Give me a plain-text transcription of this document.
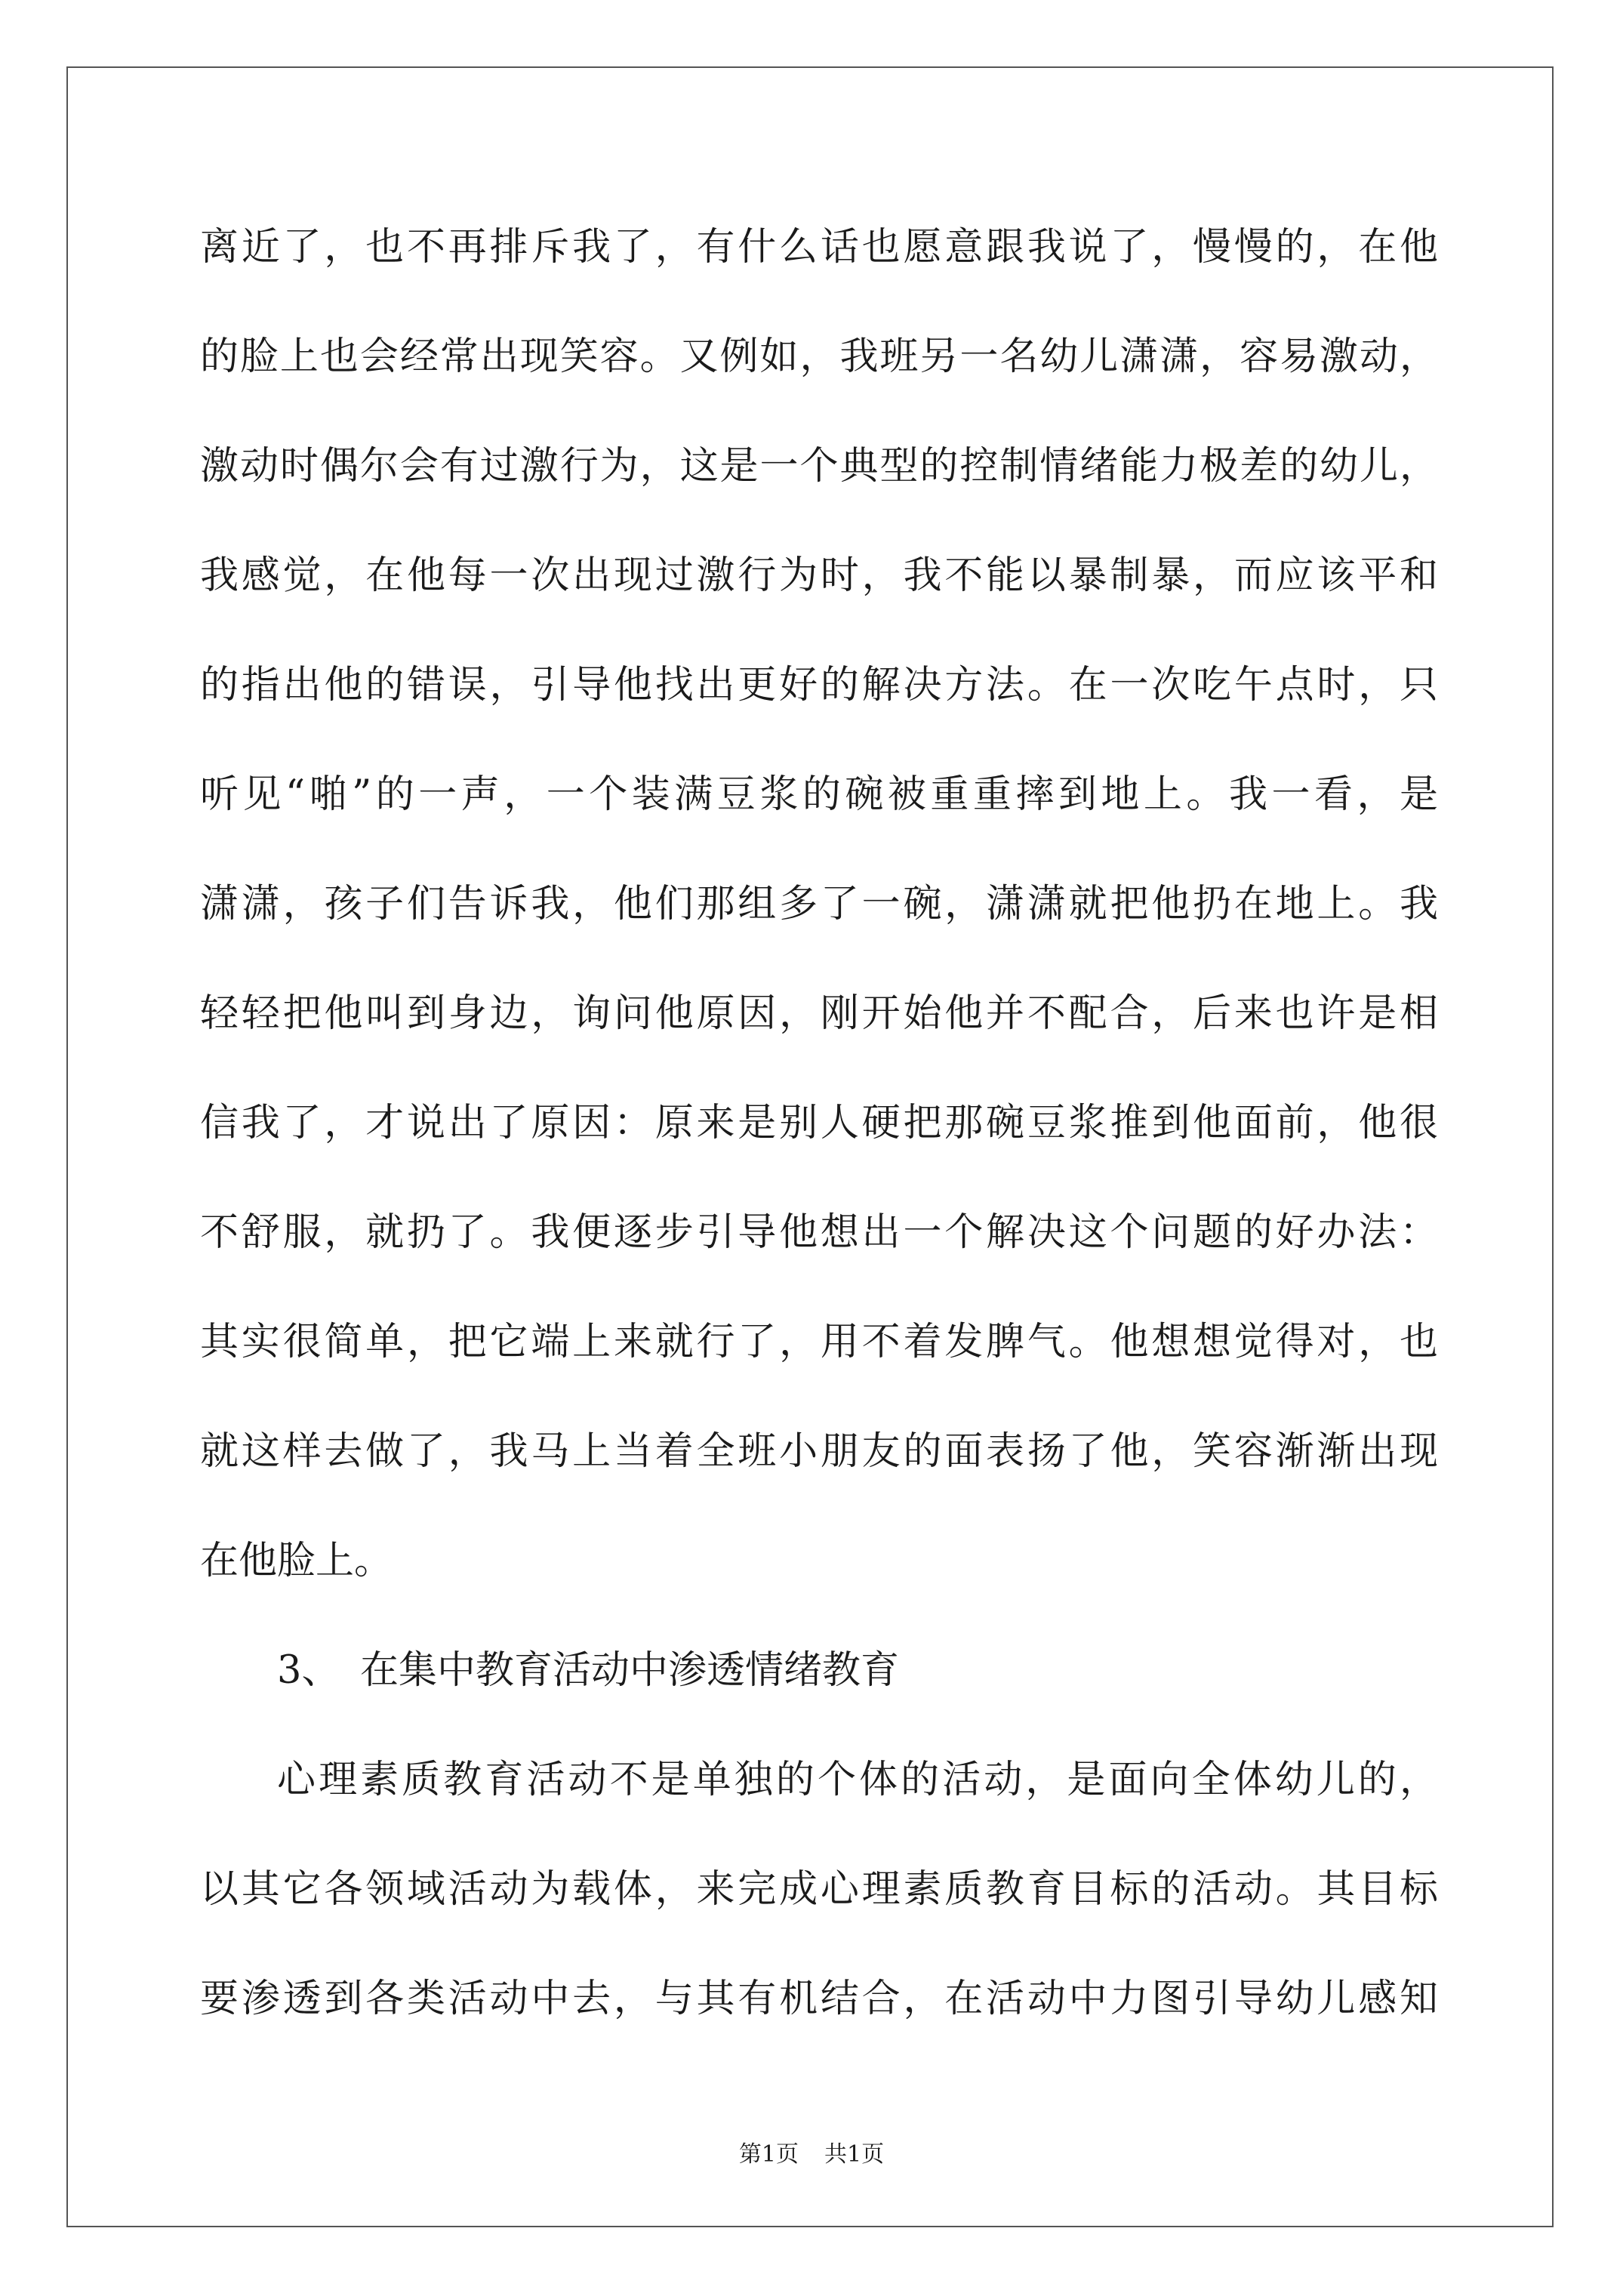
离近了，也不再排斥我了，有什么话也愿意跟我说了，慢慢的，在他
的脸上也会经常出现笑容。又例如，我班另一名幼儿潇潇，容易激动，
激动时偶尔会有过激行为，这是一个典型的控制情绪能力极差的幼儿，
我感觉，在他每一次出现过激行为时，我不能以暴制暴，而应该平和
的指出他的错误，引导他找出更好的解决方法。在一次吃午点时，只
听见“啪”的一声，一个装满豆浆的碗被重重摔到地上。我一看，是
潇潇，孩子们告诉我，他们那组多了一碗，潇潇就把他扔在地上。我
轻轻把他叫到身边，询问他原因，刚开始他并不配合，后来也许是相
信我了，才说出了原因：原来是别人硬把那碗豆浆推到他面前，他很
不舒服，就扔了。我便逐步引导他想出一个解决这个问题的好办法：
其实很简单，把它端上来就行了，用不着发脾气。他想想觉得对，也
就这样去做了，我马上当着全班小朋友的面表扬了他，笑容渐渐出现
在他脸上。
3、 在集中教育活动中渗透情绪教育
心理素质教育活动不是单独的个体的活动，是面向全体幼儿的，
以其它各领域活动为载体，来完成心理素质教育目标的活动。其目标
要渗透到各类活动中去，与其有机结合，在活动中力图引导幼儿感知
第1页 共1页
